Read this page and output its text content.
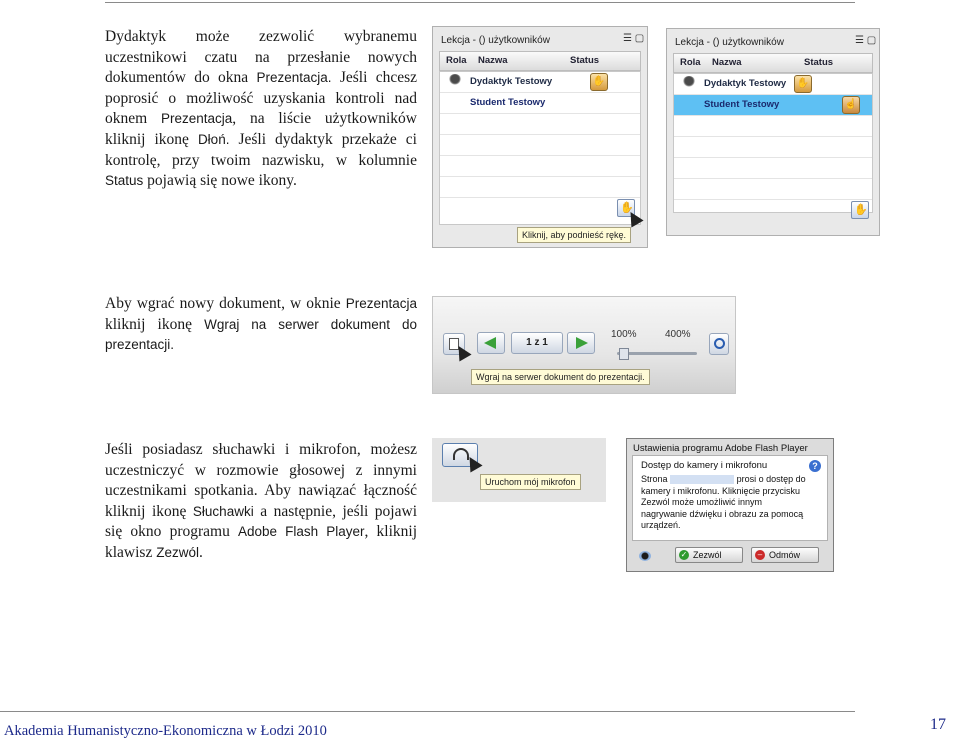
Dydaktyk może zezwolić wybranemu uczestnikowi czatu na przesłanie nowych dokumentów do okna Prezentacja. Jeśli chcesz poprosić o możliwość uzyskania kontroli nad oknem Prezentacja, na liście użytkowników kliknij ikonę Dłoń. Jeśli dydaktyk przekaże ci kontrolę, przy twoim nazwisku, w kolumnie Status pojawią się nowe ikony.
Lekcja - () użytkowników	☰ ▢
Rola Nazwa	Status
Dydaktyk Testowy	✋
Student Testowy
✋
Kliknij, aby podnieść rękę.
Lekcja - () użytkowników	☰ ▢
Rola Nazwa	Status
Dydaktyk Testowy ✋
Student Testowy	☝
✋
Aby wgrać nowy dokument, w oknie Prezentacja kliknij ikonę Wgraj na serwer dokument do prezentacji.	1 z 1
100%	400%
Wgraj na serwer dokument do prezentacji.
Jeśli posiadasz słuchawki i mikrofon, możesz uczestniczyć w rozmowie głosowej z innymi uczestnikami spotkania. Aby nawiązać łączność kliknij ikonę Słuchawki a następnie, jeśli pojawi się okno programu Adobe Flash Player, kliknij klawisz Zezwól.
Uruchom mój mikrofon
Ustawienia programu Adobe Flash Player
Dostęp do kamery i mikrofonu	?
Strona	prosi o dostęp do kamery i mikrofonu. Kliknięcie przycisku Zezwól może umożliwić innym nagrywanie dźwięku i obrazu za pomocą urządzeń.
✓ Zezwól	– Odmów
Akademia Humanistyczno-Ekonomiczna w Łodzi 2010	17
